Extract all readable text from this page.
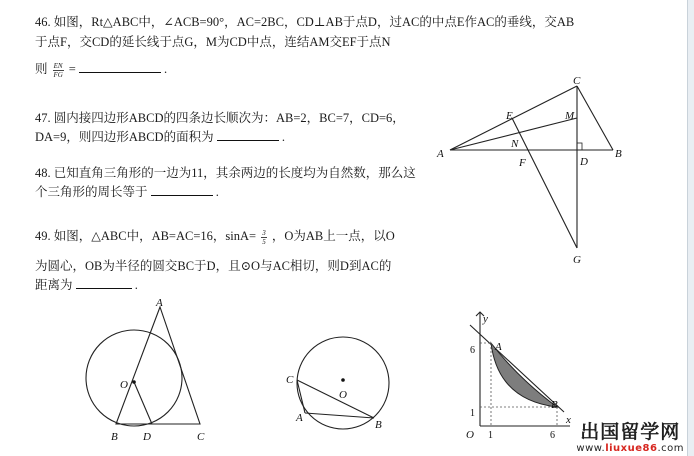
46. 如图，Rt△ABC中，∠ACB=90°，AC=2BC，CD⊥AB于点D，过AC的中点E作AC的垂线，交AB
于点F，交CD的延长线于点G，M为CD中点，连结AM交EF于点N
则 $\frac{EN}{FG}$ =	.
47. 圆内接四边形ABCD的四条边长顺次为：AB=2，BC=7，CD=6，
DA=9，则四边形ABCD的面积为	.
48. 已知直角三角形的一边为11，其余两边的长度均为自然数，那么这
个三角形的周长等于	.
49. 如图，△ABC中，AB=AC=16，$\sin A= \frac{3}{5}$ ，O为AB上一点，以O
为圆心，OB为半径的圆交BC于D，且⊙O与AC相切，则D到AC的
距离为	.
A	B
C
D
E
F
G
M
N
A
B	C
D
O	C
A
B
O
y
x
O
A
B
6
1
1	6 出国留学网
www.liuxue86.com
